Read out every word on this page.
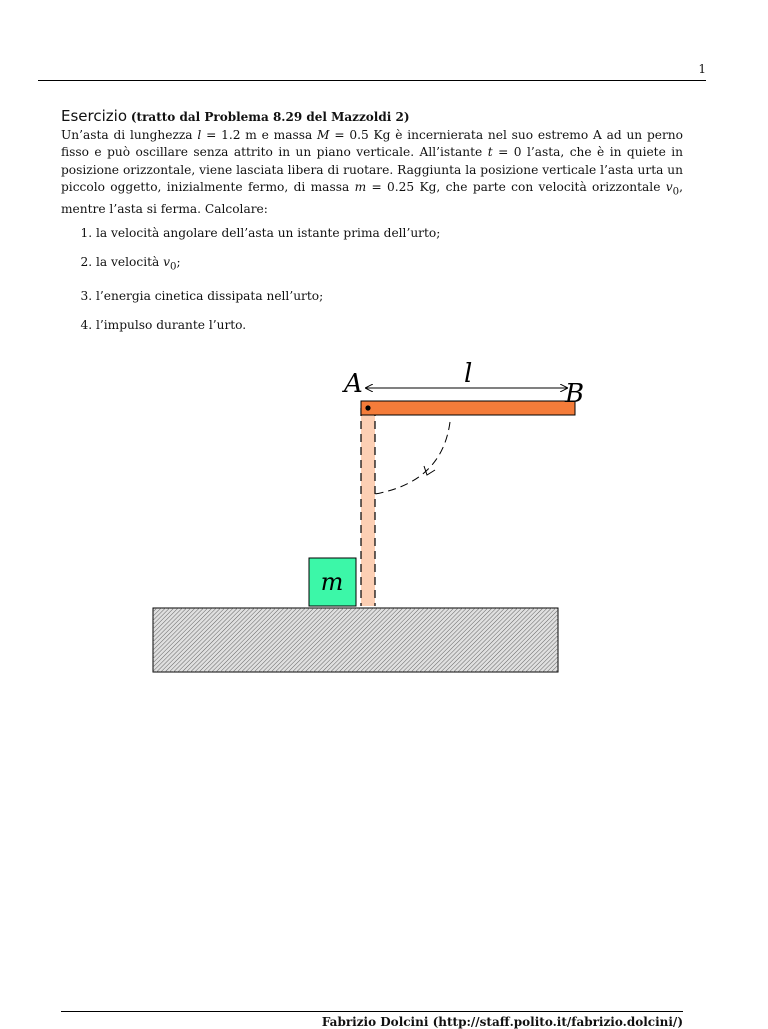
1
Esercizio (tratto dal Problema 8.29 del Mazzoldi 2)
Un’asta di lunghezza l = 1.2 m e massa M = 0.5 Kg è incernierata nel suo estremo A ad un perno fisso e può oscillare senza attrito in un piano verticale. All’istante t = 0 l’asta, che è in quiete in posizione orizzontale, viene lasciata libera di ruotare. Raggiunta la posizione verticale l’asta urta un piccolo oggetto, inizialmente fermo, di massa m = 0.25 Kg, che parte con velocità orizzontale $v_0$, mentre l’asta si ferma. Calcolare:
1. la velocità angolare dell’asta un istante prima dell’urto;
2. la velocità $v_0$;
3. l’energia cinetica dissipata nell’urto;
4. l’impulso durante l’urto.
m
A	B
l
Fabrizio Dolcini (http://staff.polito.it/fabrizio.dolcini/)
